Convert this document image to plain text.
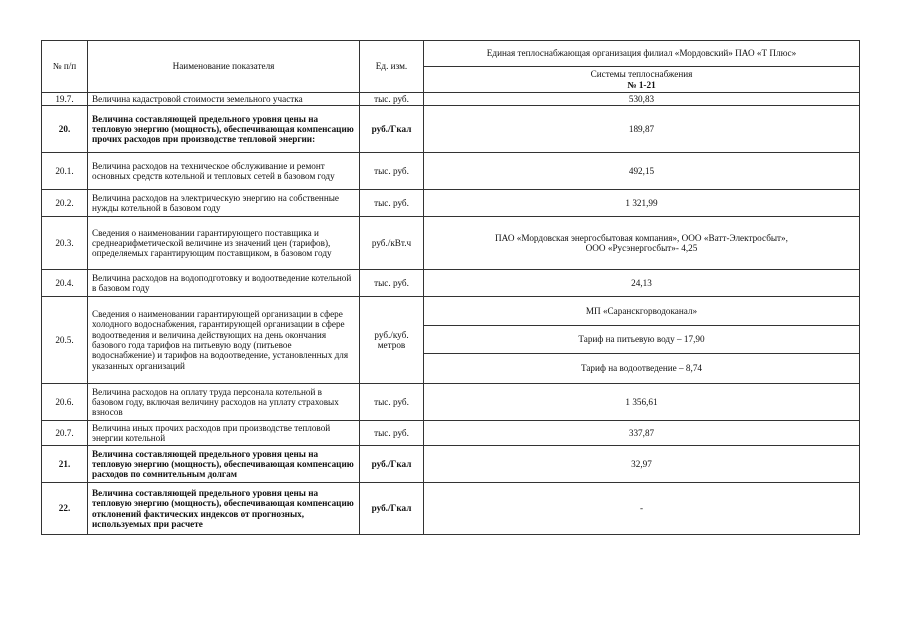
№ п/п	Наименование показателя	Ед. изм.	Единая теплоснабжающая организация филиал «Мордовский» ПАО «Т Плюс»

			Системы теплоснабжения
№ 1-21

19.7.	Величина кадастровой стоимости земельного участка	тыс. руб.	530,83
20.	Величина составляющей предельного уровня цены на тепловую энергию (мощность), обеспечивающая компенсацию прочих расходов при производстве тепловой энергии:	руб./Гкал	189,87
20.1.	Величина расходов на техническое обслуживание и ремонт основных средств котельной и тепловых сетей в базовом году	тыс. руб.	492,15
20.2.	Величина расходов на электрическую энергию на собственные нужды котельной в базовом году	тыс. руб.	1 321,99
20.3.	Сведения о наименовании гарантирующего поставщика и среднеарифметической величине из значений цен (тарифов), определяемых гарантирующим поставщиком, в базовом году	руб./кВт.ч	ПАО «Мордовская энергосбытовая компания», ООО «Ватт-Электросбыт»,
ООО «Русэнергосбыт»- 4,25

20.4.	Величина расходов на водоподготовку и водоотведение котельной в базовом году	тыс. руб.	24,13
20.5.	Сведения о наименовании гарантирующей организации в сфере холодного водоснабжения, гарантирующей организации в сфере водоотведения и величина действующих на день окончания базового года тарифов на питьевую воду (питьевое водоснабжение) и тарифов на водоотведение, установленных для указанных организаций	руб./куб. метров	МП «Саранскгорводоканал»
			Тариф на питьевую воду – 17,90
			Тариф на водоотведение – 8,74
20.6.	Величина расходов на оплату труда персонала котельной в базовом году, включая величину расходов на уплату страховых взносов	тыс. руб.	1 356,61
20.7.	Величина иных прочих расходов при производстве тепловой энергии котельной	тыс. руб.	337,87
21.	Величина составляющей предельного уровня цены на тепловую энергию (мощность), обеспечивающая компенсацию расходов по сомнительным долгам	руб./Гкал	32,97
22.	Величина составляющей предельного уровня цены на тепловую энергию (мощность), обеспечивающая компенсацию отклонений фактических индексов от прогнозных, используемых при расчете	руб./Гкал	-
